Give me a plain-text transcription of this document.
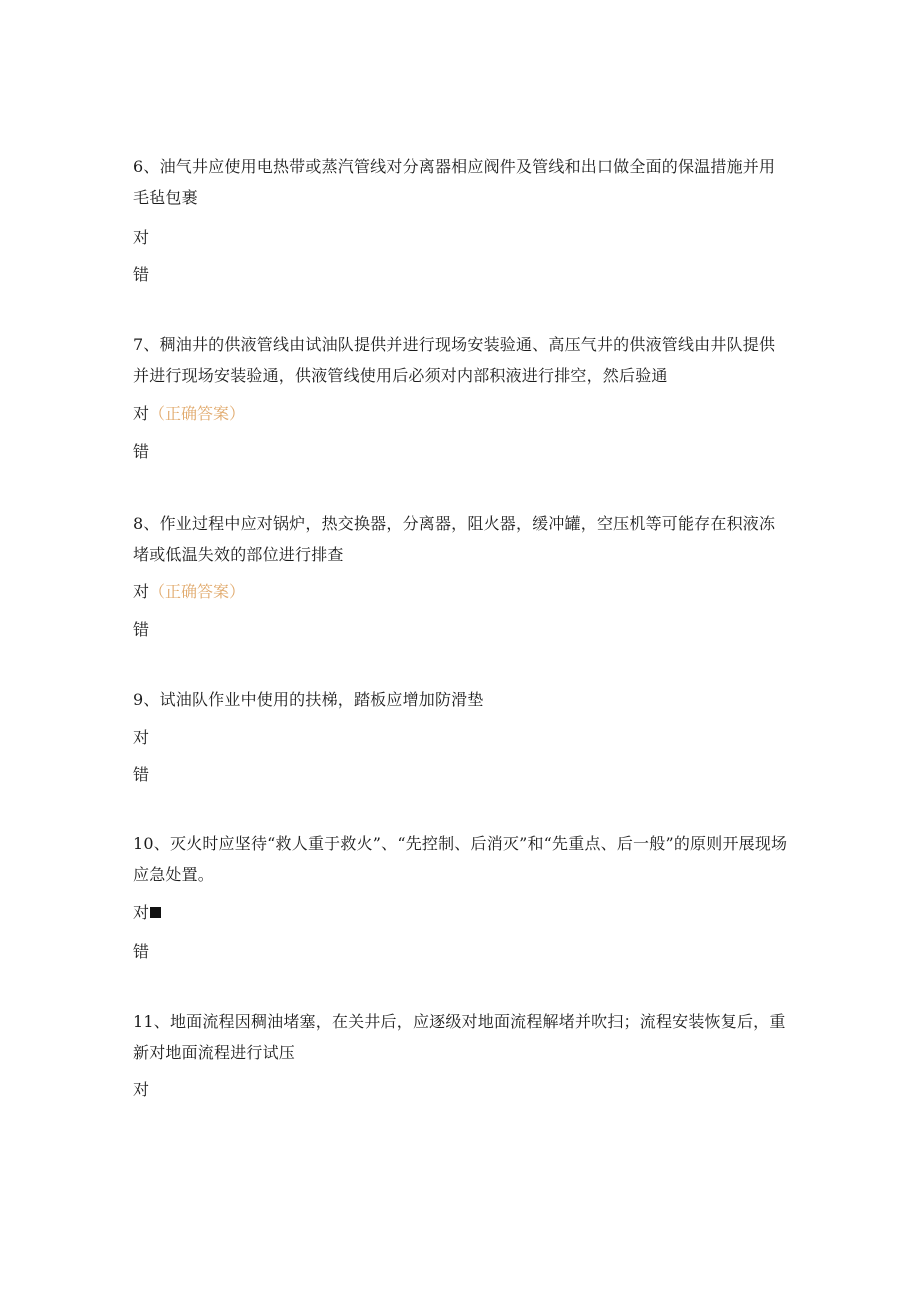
6、油气井应使用电热带或蒸汽管线对分离器相应阀件及管线和出口做全面的保温措施并用毛毡包裹
对
错
7、稠油井的供液管线由试油队提供并进行现场安装验通、高压气井的供液管线由井队提供并进行现场安装验通，供液管线使用后必须对内部积液进行排空，然后验通
对（正确答案）
错
8、作业过程中应对锅炉，热交换器，分离器，阻火器，缓冲罐，空压机等可能存在积液冻堵或低温失效的部位进行排查
对（正确答案）
错
9、试油队作业中使用的扶梯，踏板应增加防滑垫
对
错
10、灭火时应坚待“救人重于救火”、“先控制、后消灭”和“先重点、后一般”的原则开展现场应急处置。
对
错
11、地面流程因稠油堵塞，在关井后，应逐级对地面流程解堵并吹扫；流程安装恢复后，重新对地面流程进行试压
对
